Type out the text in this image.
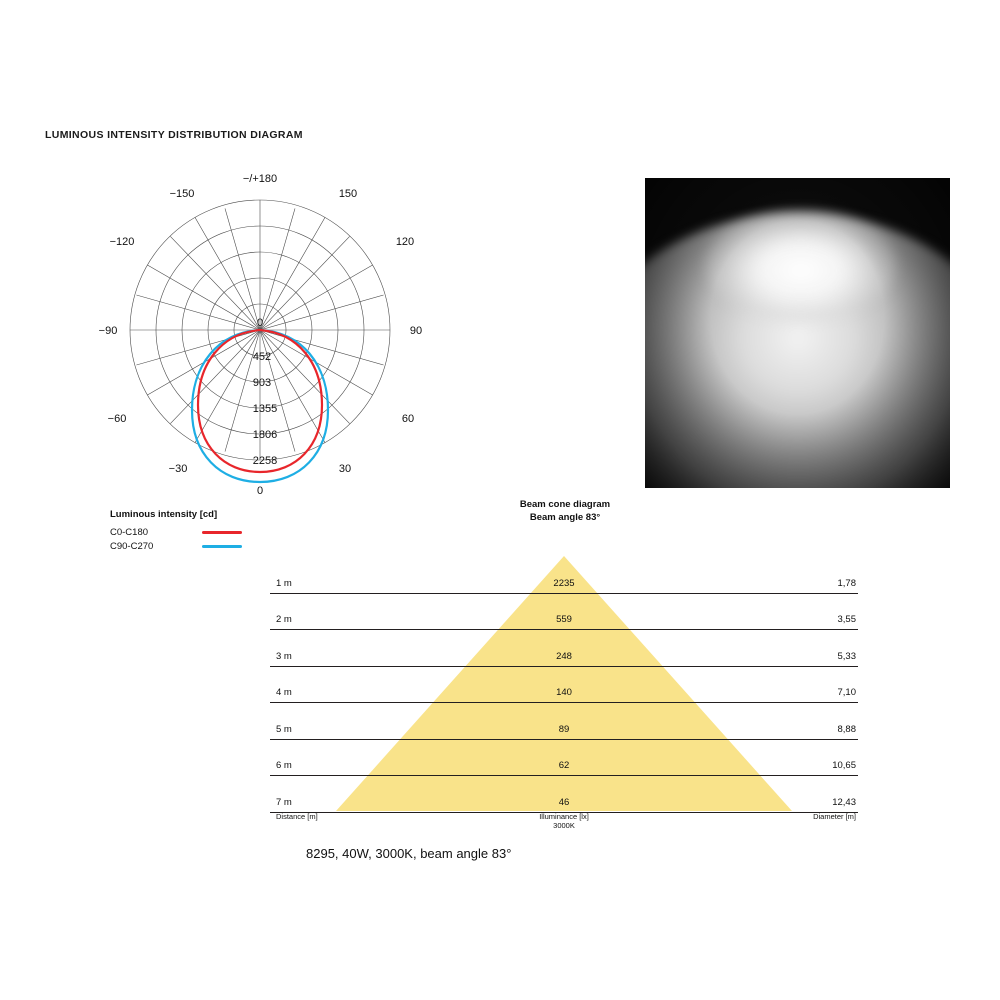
LUMINOUS INTENSITY DISTRIBUTION DIAGRAM
−/+180
−150	150
−120	120
−90	90
−60	60
−30	30
0
0
452
903
1355
1806
2258
Luminous intensity [cd]
C0-C180
C90-C270
Beam cone diagram
Beam angle 83°
1 m	2235	1,78
2 m	559	3,55
3 m	248	5,33
4 m	140	7,10
5 m	89	8,88
6 m	62	10,65
7 m	46	12,43
Distance [m]	Illuminance [lx]
3000K
Diameter [m]
8295, 40W, 3000K, beam angle 83°
